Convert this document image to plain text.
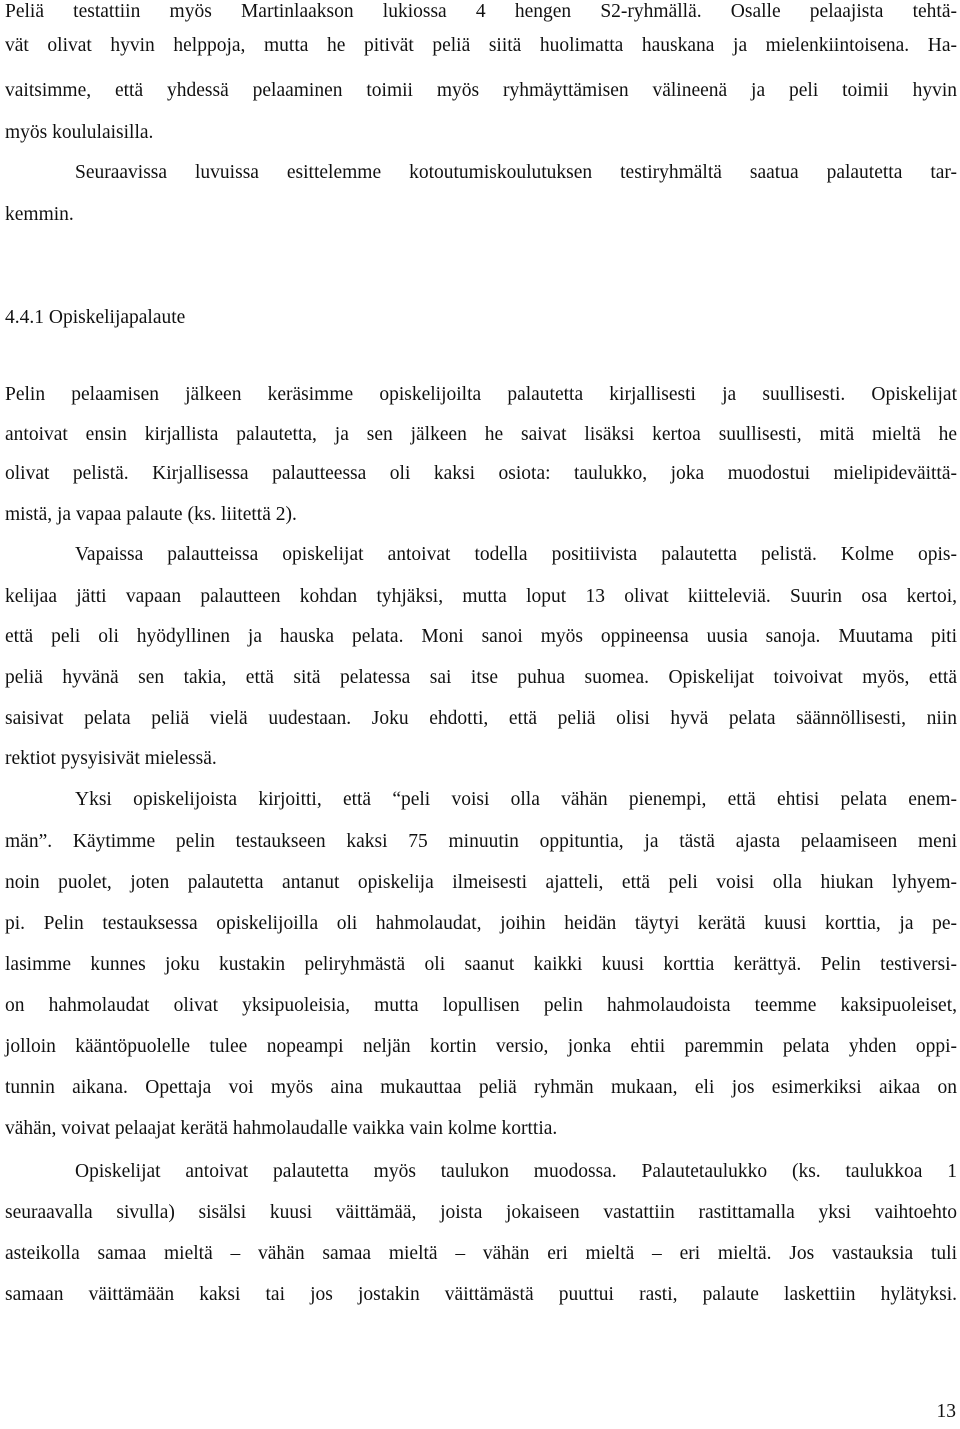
Peliä testattiin myös Martinlaakson lukiossa 4 hengen S2-ryhmällä. Osalle pelaajista tehtä-
vät olivat hyvin helppoja, mutta he pitivät peliä siitä huolimatta hauskana ja mielenkiintoisena. Ha-
vaitsimme, että yhdessä pelaaminen toimii myös ryhmäyttämisen välineenä ja peli toimii hyvin
myös koululaisilla.
Seuraavissa luvuissa esittelemme kotoutumiskoulutuksen testiryhmältä saatua palautetta tar-
kemmin.
4.4.1 Opiskelijapalaute
Pelin pelaamisen jälkeen keräsimme opiskelijoilta palautetta kirjallisesti ja suullisesti. Opiskelijat
antoivat ensin kirjallista palautetta, ja sen jälkeen he saivat lisäksi kertoa suullisesti, mitä mieltä he
olivat pelistä. Kirjallisessa palautteessa oli kaksi osiota: taulukko, joka muodostui mielipideväittä-
mistä, ja vapaa palaute (ks. liitettä 2).
Vapaissa palautteissa opiskelijat antoivat todella positiivista palautetta pelistä. Kolme opis-
kelijaa jätti vapaan palautteen kohdan tyhjäksi, mutta loput 13 olivat kiitteleviä. Suurin osa kertoi,
että peli oli hyödyllinen ja hauska pelata. Moni sanoi myös oppineensa uusia sanoja. Muutama piti
peliä hyvänä sen takia, että sitä pelatessa sai itse puhua suomea. Opiskelijat toivoivat myös, että
saisivat pelata peliä vielä uudestaan. Joku ehdotti, että peliä olisi hyvä pelata säännöllisesti, niin
rektiot pysyisivät mielessä.
Yksi opiskelijoista kirjoitti, että “peli voisi olla vähän pienempi, että ehtisi pelata enem-
män”. Käytimme pelin testaukseen kaksi 75 minuutin oppituntia, ja tästä ajasta pelaamiseen meni
noin puolet, joten palautetta antanut opiskelija ilmeisesti ajatteli, että peli voisi olla hiukan lyhyem-
pi. Pelin testauksessa opiskelijoilla oli hahmolaudat, joihin heidän täytyi kerätä kuusi korttia, ja pe-
lasimme kunnes joku kustakin peliryhmästä oli saanut kaikki kuusi korttia kerättyä. Pelin testiversi-
on hahmolaudat olivat yksipuoleisia, mutta lopullisen pelin hahmolaudoista teemme kaksipuoleiset,
jolloin kääntöpuolelle tulee nopeampi neljän kortin versio, jonka ehtii paremmin pelata yhden oppi-
tunnin aikana. Opettaja voi myös aina mukauttaa peliä ryhmän mukaan, eli jos esimerkiksi aikaa on
vähän, voivat pelaajat kerätä hahmolaudalle vaikka vain kolme korttia.
Opiskelijat antoivat palautetta myös taulukon muodossa. Palautetaulukko (ks. taulukkoa 1
seuraavalla sivulla) sisälsi kuusi väittämää, joista jokaiseen vastattiin rastittamalla yksi vaihtoehto
asteikolla samaa mieltä – vähän samaa mieltä – vähän eri mieltä – eri mieltä. Jos vastauksia tuli
samaan väittämään kaksi tai jos jostakin väittämästä puuttui rasti, palaute laskettiin hylätyksi.
13
